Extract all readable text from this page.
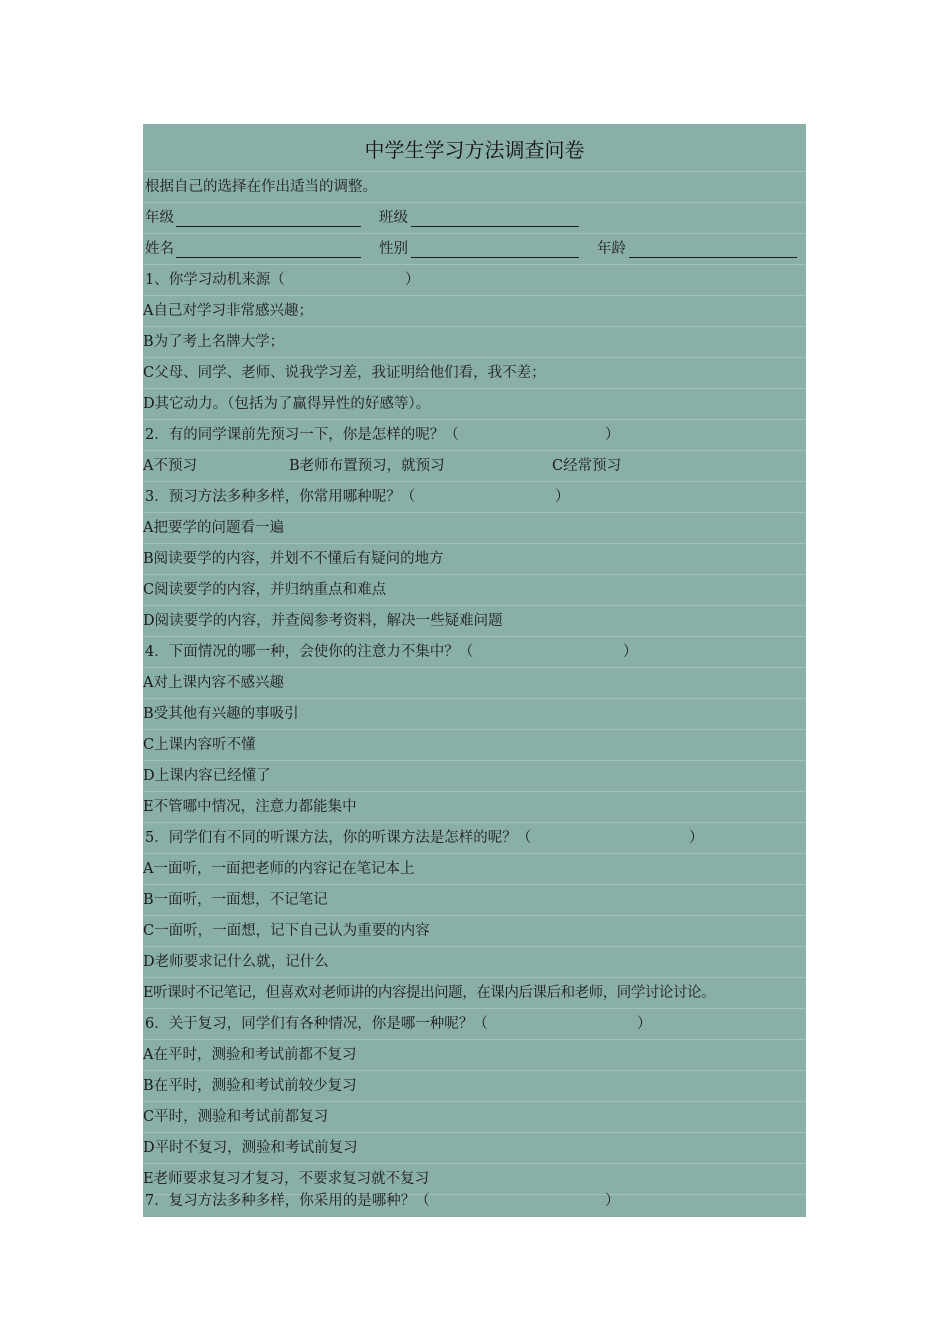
中学生学习方法调查问卷
根据自己的选择在作出适当的调整。
年级	班级
姓名	性别	年龄
1、你学习动机来源（	）
A自己对学习非常感兴趣；
B为了考上名牌大学；
C父母、同学、老师、说我学习差，我证明给他们看，我不差；
D其它动力。（包括为了赢得异性的好感等）。
2．有的同学课前先预习一下，你是怎样的呢？（	）
A不预习	B老师布置预习，就预习	C经常预习
3．预习方法多种多样，你常用哪种呢？（	）
A把要学的问题看一遍
B阅读要学的内容，并划不不懂后有疑问的地方
C阅读要学的内容，并归纳重点和难点
D阅读要学的内容，并查阅参考资料，解决一些疑难问题
4．下面情况的哪一种，会使你的注意力不集中？（	）
A对上课内容不感兴趣
B受其他有兴趣的事吸引
C上课内容听不懂
D上课内容已经懂了
E不管哪中情况，注意力都能集中
5．同学们有不同的听课方法，你的听课方法是怎样的呢？（	）
A一面听，一面把老师的内容记在笔记本上
B一面听，一面想，不记笔记
C一面听，一面想，记下自己认为重要的内容
D老师要求记什么就，记什么
E听课时不记笔记，但喜欢对老师讲的内容提出问题，在课内后课后和老师，同学讨论讨论。
6．关于复习，同学们有各种情况，你是哪一种呢？（	）
A在平时，测验和考试前都不复习
B在平时，测验和考试前较少复习
C平时，测验和考试前都复习
D平时不复习，测验和考试前复习
E老师要求复习才复习，不要求复习就不复习
7．复习方法多种多样，你采用的是哪种？（	）
